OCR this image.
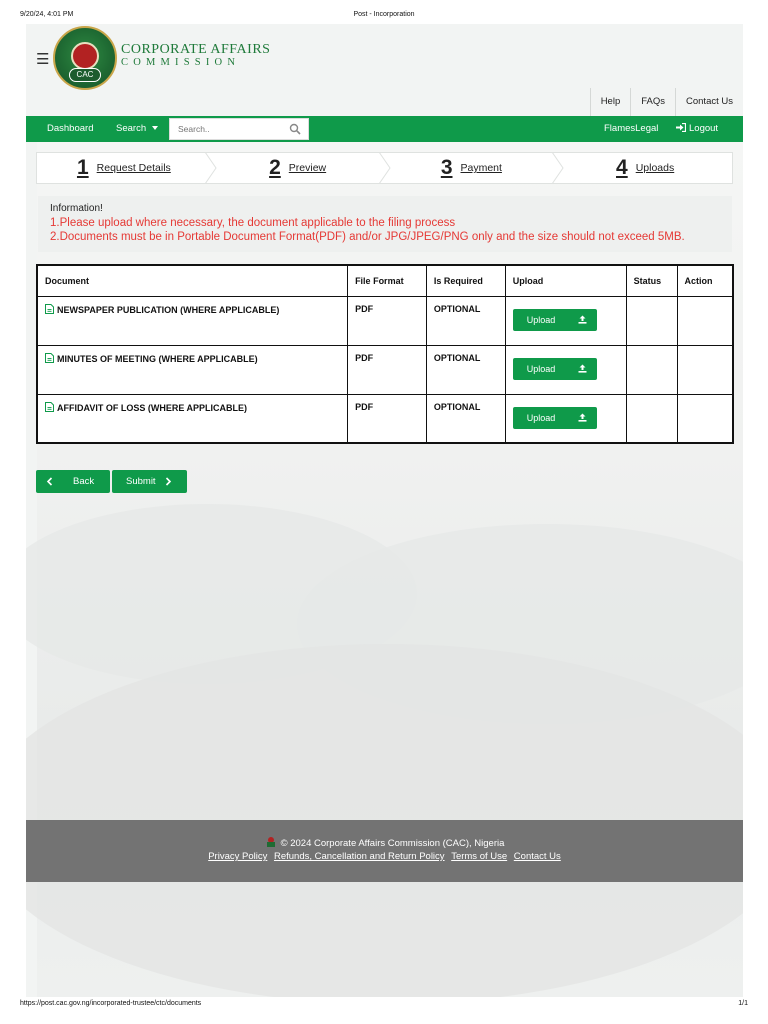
9/20/24, 4:01 PM	Post - Incorporation
☰
CAC
CORPORATE AFFAIRS
COMMISSION
Help	FAQs	Contact Us
Dashboard Search
Search..	FlamesLegal	Logout
1 Request Details	2 Preview	3 Payment	4 Uploads
Information!
1.Please upload where necessary, the document applicable to the filing process
2.Documents must be in Portable Document Format(PDF) and/or JPG/JPEG/PNG only and the size should not exceed 5MB.
Document	File Format	Is Required	Upload	Status	Action
NEWSPAPER PUBLICATION (WHERE APPLICABLE)	PDF	OPTIONAL	Upload		

MINUTES OF MEETING (WHERE APPLICABLE)	PDF	OPTIONAL	Upload		

AFFIDAVIT OF LOSS (WHERE APPLICABLE)	PDF	OPTIONAL	Upload		

Back	Submit
© 2024 Corporate Affairs Commission (CAC), Nigeria
Privacy Policy Refunds, Cancellation and Return Policy Terms of Use Contact Us
https://post.cac.gov.ng/incorporated-trustee/ctc/documents	1/1
